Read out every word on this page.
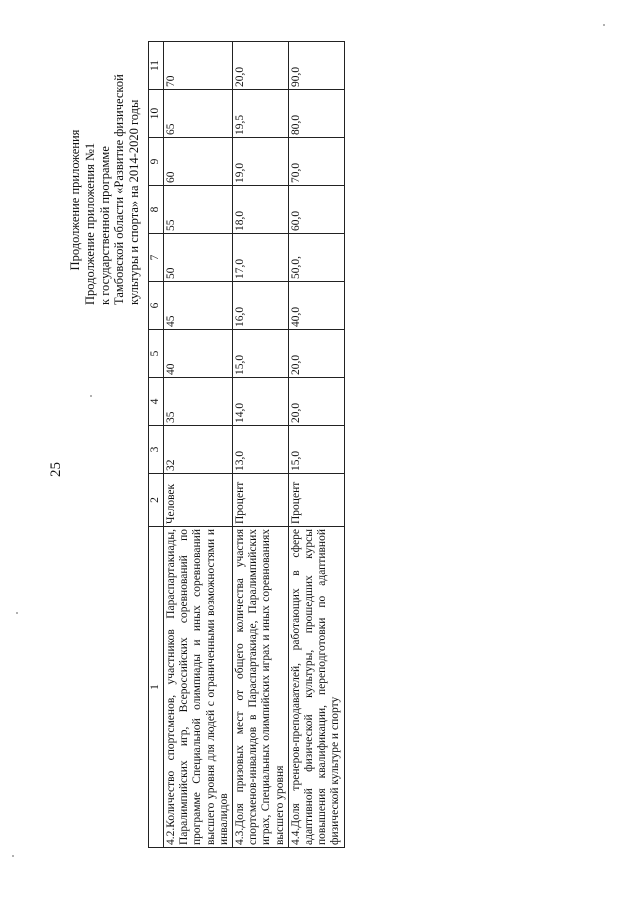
25
Продолжение приложения Продолжение приложения №1 к государственной программе Тамбовской области «Развитие физической культуры и спорта» на 2014-2020 годы
1	2	3	4	5	6	7	8	9	10	11
4.2.Количество спортсменов, участников Параспартакиады, Паралимпийских игр, Всероссийских соревнований по программе Специальной олимпиады и иных соревнований высшего уровня для людей с ограниченными возможностями и инвалидов	Человек	32	35	40	45	50	55	60	65	70
4.3.Доля призовых мест от общего количества участия спортсменов-инвалидов в Параспартакиаде, Паралимпийских играх, Специальных олимпийских играх и иных соревнованиях высшего уровня	Процент	13,0	14,0	15,0	16,0	17,0	18,0	19,0	19,5	20,0
4.4.Доля тренеров-преподавателей, работающих в сфере адаптивной физической культуры, прошедших курсы повышения квалификации, переподготовки по адаптивной физической культуре и спорту	Процент	15,0	20,0	20,0	40,0	50,0,	60,0	70,0	80,0	90,0
